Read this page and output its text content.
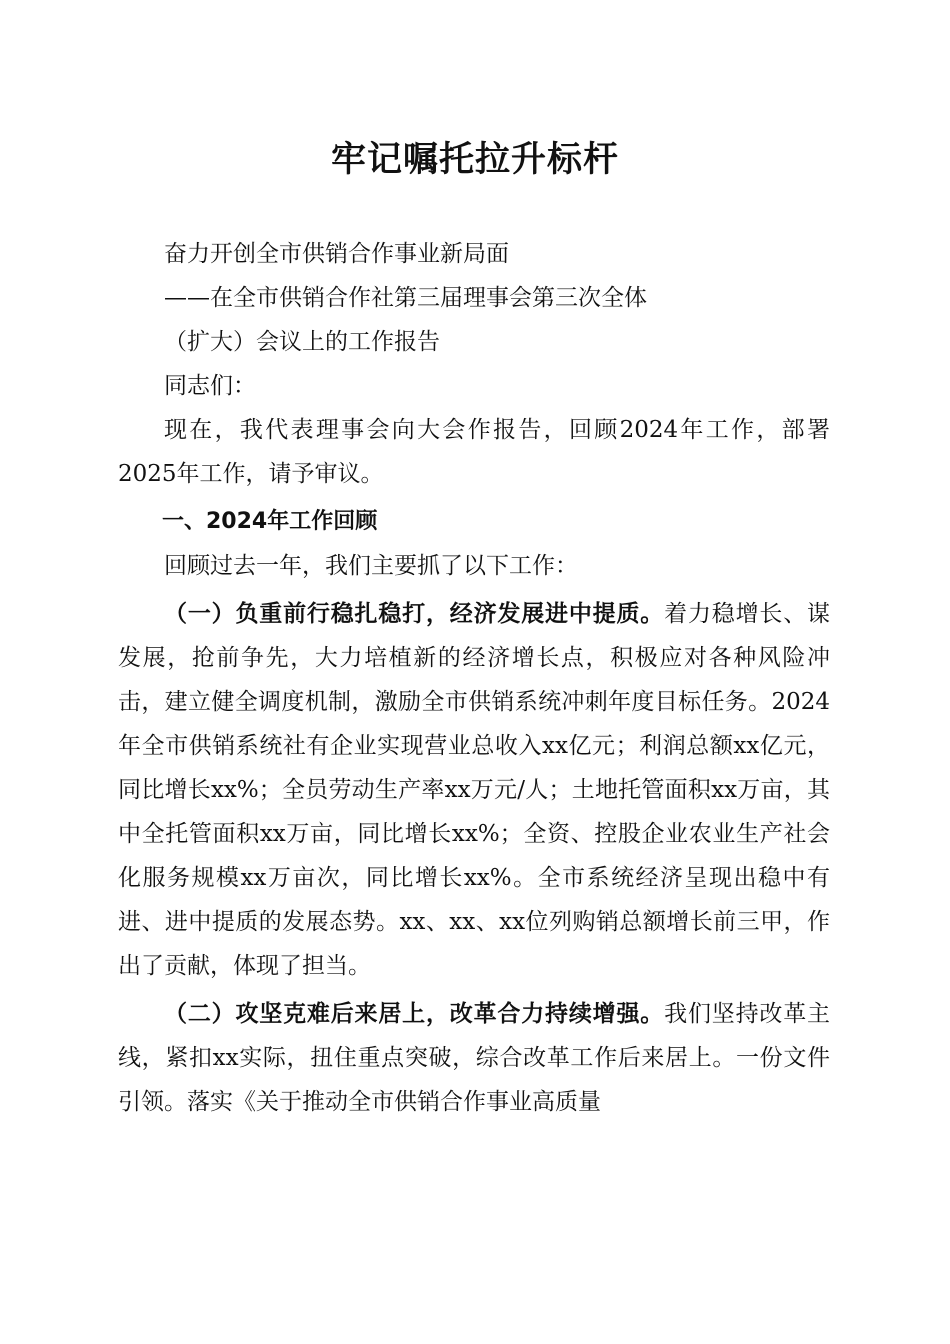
牢记嘱托拉升标杆

奋力开创全市供销合作事业新局面

——在全市供销合作社第三届理事会第三次全体

（扩大）会议上的工作报告

同志们：

现在，我代表理事会向大会作报告，回顾2024年工作，部署2025年工作，请予审议。

一、2024年工作回顾

回顾过去一年，我们主要抓了以下工作：

（一）负重前行稳扎稳打，经济发展进中提质。着力稳增长、谋发展，抢前争先，大力培植新的经济增长点，积极应对各种风险冲击，建立健全调度机制，激励全市供销系统冲刺年度目标任务。2024年全市供销系统社有企业实现营业总收入xx亿元；利润总额xx亿元，同比增长xx%；全员劳动生产率xx万元/人；土地托管面积xx万亩，其中全托管面积xx万亩，同比增长xx%；全资、控股企业农业生产社会化服务规模xx万亩次，同比增长xx%。全市系统经济呈现出稳中有进、进中提质的发展态势。xx、xx、xx位列购销总额增长前三甲，作出了贡献，体现了担当。

（二）攻坚克难后来居上，改革合力持续增强。我们坚持改革主线，紧扣xx实际，扭住重点突破，综合改革工作后来居上。一份文件引领。落实《关于推动全市供销合作事业高质量
